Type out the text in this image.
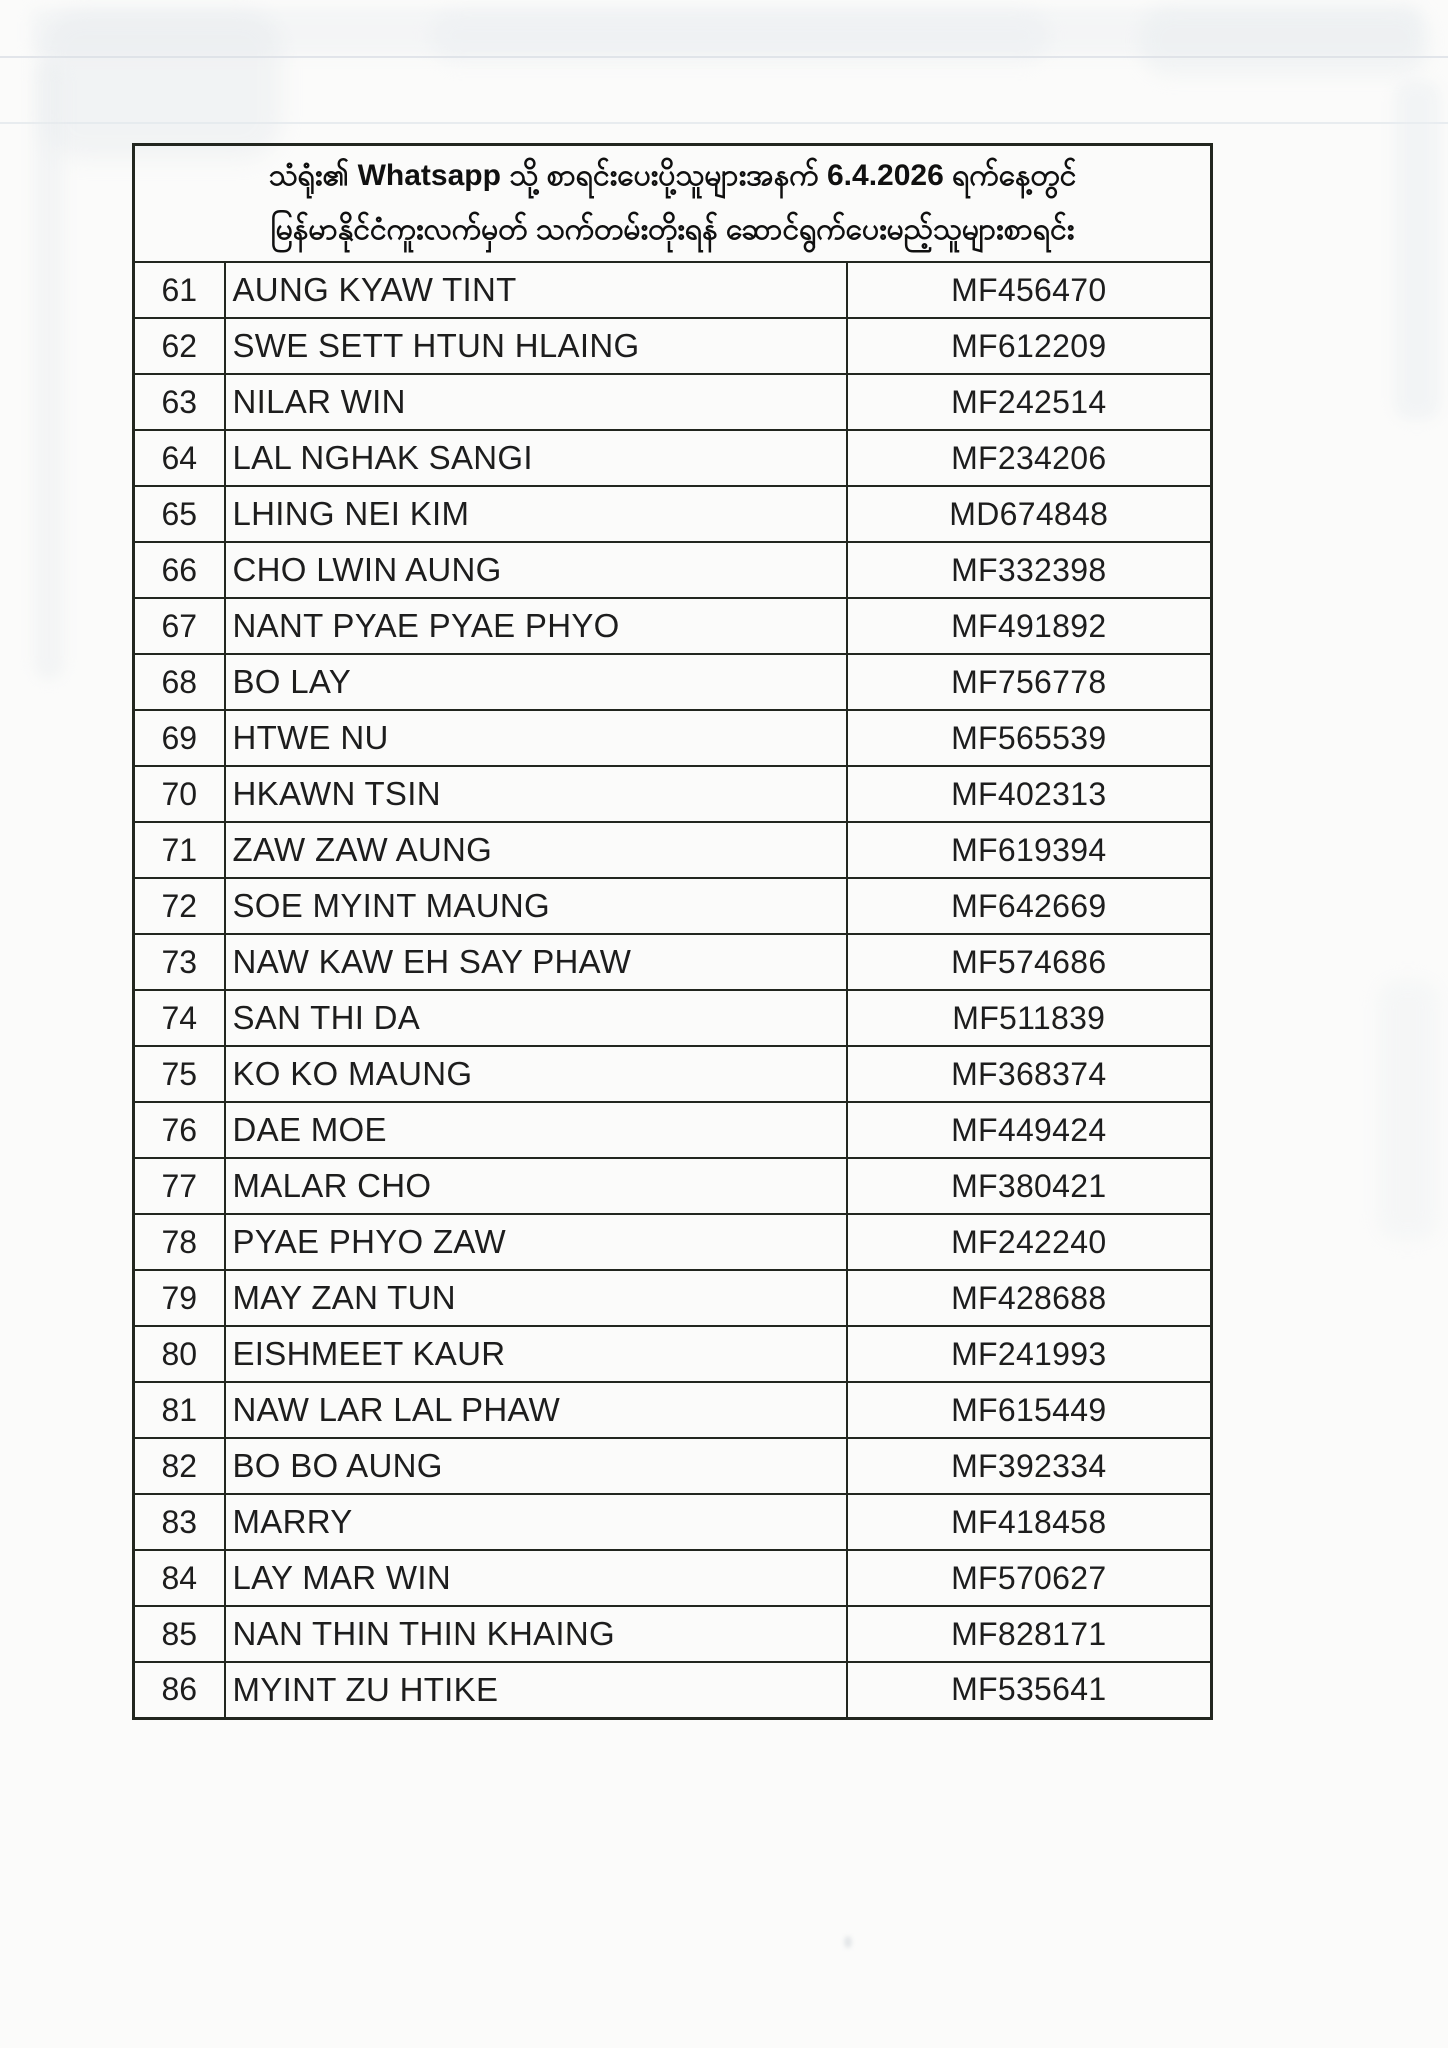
သံရုံး၏ Whatsapp သို့ စာရင်းပေးပို့သူများအနက် 6.4.2026 ရက်နေ့တွင်
မြန်မာနိုင်ငံကူးလက်မှတ် သက်တမ်းတိုးရန် ဆောင်ရွက်ပေးမည့်သူများစာရင်း		

61	AUNG KYAW TINT	MF456470
62	SWE SETT HTUN HLAING	MF612209
63	NILAR WIN	MF242514
64	LAL NGHAK SANGI	MF234206
65	LHING NEI KIM	MD674848
66	CHO LWIN AUNG	MF332398
67	NANT PYAE PYAE PHYO	MF491892
68	BO LAY	MF756778
69	HTWE NU	MF565539
70	HKAWN TSIN	MF402313
71	ZAW ZAW AUNG	MF619394
72	SOE MYINT MAUNG	MF642669
73	NAW KAW EH SAY PHAW	MF574686
74	SAN THI DA	MF511839
75	KO KO MAUNG	MF368374
76	DAE MOE	MF449424
77	MALAR CHO	MF380421
78	PYAE PHYO ZAW	MF242240
79	MAY ZAN TUN	MF428688
80	EISHMEET KAUR	MF241993
81	NAW LAR LAL PHAW	MF615449
82	BO BO AUNG	MF392334
83	MARRY	MF418458
84	LAY MAR WIN	MF570627
85	NAN THIN THIN KHAING	MF828171
86	MYINT ZU HTIKE	MF535641
